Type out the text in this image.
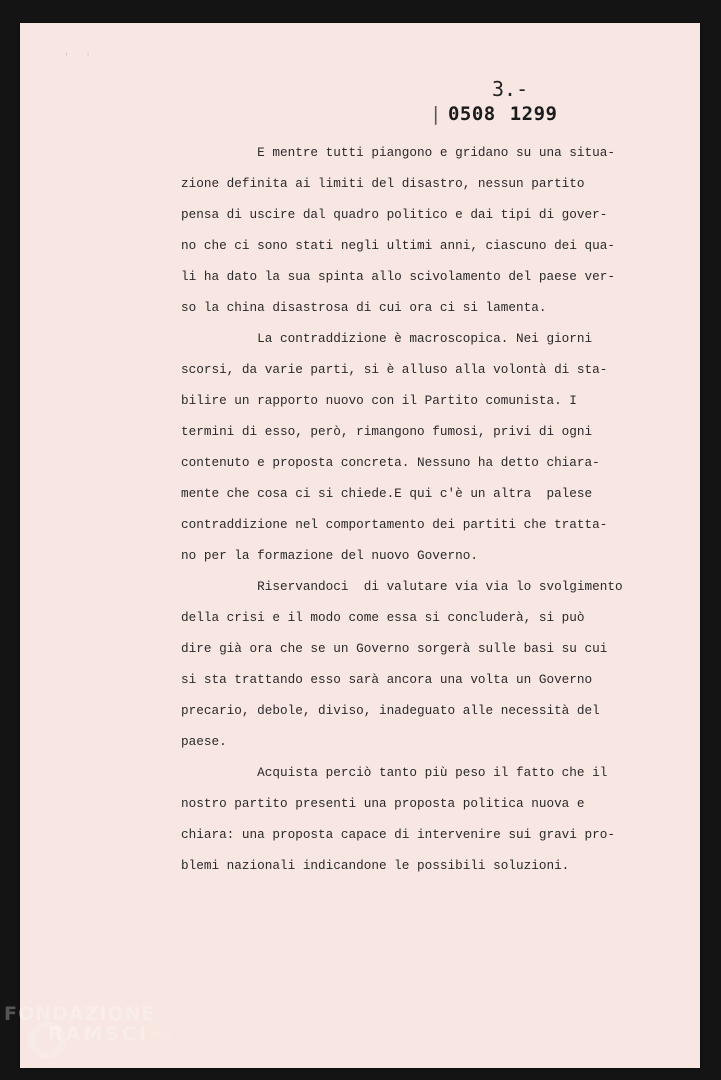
' '
3.-
| 0508 1299
E mentre tutti piangono e gridano su una situa-
zione definita ai limiti del disastro, nessun partito
pensa di uscire dal quadro politico e dai tipi di gover-
no che ci sono stati negli ultimi anni, ciascuno dei qua-
li ha dato la sua spinta allo scivolamento del paese ver-
so la china disastrosa di cui ora ci si lamenta.
La contraddizione è macroscopica. Nei giorni
scorsi, da varie parti, si è alluso alla volontà di sta-
bilire un rapporto nuovo con il Partito comunista. I
termini di esso, però, rimangono fumosi, privi di ogni
contenuto e proposta concreta. Nessuno ha detto chiara-
mente che cosa ci si chiede.E qui c'è un altra  palese
contraddizione nel comportamento dei partiti che tratta-
no per la formazione del nuovo Governo.
Riservandoci  di valutare via via lo svolgimento
della crisi e il modo come essa si concluderà, si può
dire già ora che se un Governo sorgerà sulle basi su cui
si sta trattando esso sarà ancora una volta un Governo
precario, debole, diviso, inadeguato alle necessità del
paese.
Acquista perciò tanto più peso il fatto che il
nostro partito presenti una proposta politica nuova e
chiara: una proposta capace di intervenire sui gravi pro-
blemi nazionali indicandone le possibili soluzioni.
FONDAZIONE
RAMSCI onlus
